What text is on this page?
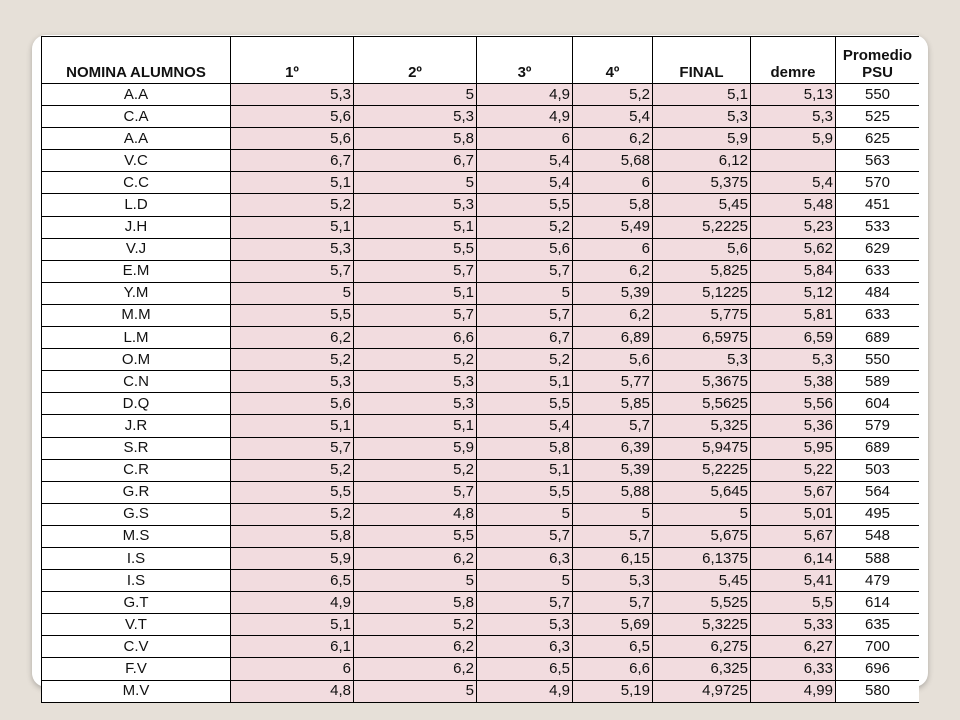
NOMINA ALUMNOS	1º	2º	3º	4º	FINAL	demre	Promedio
PSU
A.A	5,3	5	4,9	5,2	5,1	5,13	550
C.A	5,6	5,3	4,9	5,4	5,3	5,3	525
A.A	5,6	5,8	6	6,2	5,9	5,9	625
V.C	6,7	6,7	5,4	5,68	6,12		563
C.C	5,1	5	5,4	6	5,375	5,4	570
L.D	5,2	5,3	5,5	5,8	5,45	5,48	451
J.H	5,1	5,1	5,2	5,49	5,2225	5,23	533
V.J	5,3	5,5	5,6	6	5,6	5,62	629
E.M	5,7	5,7	5,7	6,2	5,825	5,84	633
Y.M	5	5,1	5	5,39	5,1225	5,12	484
M.M	5,5	5,7	5,7	6,2	5,775	5,81	633
L.M	6,2	6,6	6,7	6,89	6,5975	6,59	689
O.M	5,2	5,2	5,2	5,6	5,3	5,3	550
C.N	5,3	5,3	5,1	5,77	5,3675	5,38	589
D.Q	5,6	5,3	5,5	5,85	5,5625	5,56	604
J.R	5,1	5,1	5,4	5,7	5,325	5,36	579
S.R	5,7	5,9	5,8	6,39	5,9475	5,95	689
C.R	5,2	5,2	5,1	5,39	5,2225	5,22	503
G.R	5,5	5,7	5,5	5,88	5,645	5,67	564
G.S	5,2	4,8	5	5	5	5,01	495
M.S	5,8	5,5	5,7	5,7	5,675	5,67	548
I.S	5,9	6,2	6,3	6,15	6,1375	6,14	588
I.S	6,5	5	5	5,3	5,45	5,41	479
G.T	4,9	5,8	5,7	5,7	5,525	5,5	614
V.T	5,1	5,2	5,3	5,69	5,3225	5,33	635
C.V	6,1	6,2	6,3	6,5	6,275	6,27	700
F.V	6	6,2	6,5	6,6	6,325	6,33	696
M.V	4,8	5	4,9	5,19	4,9725	4,99	580
